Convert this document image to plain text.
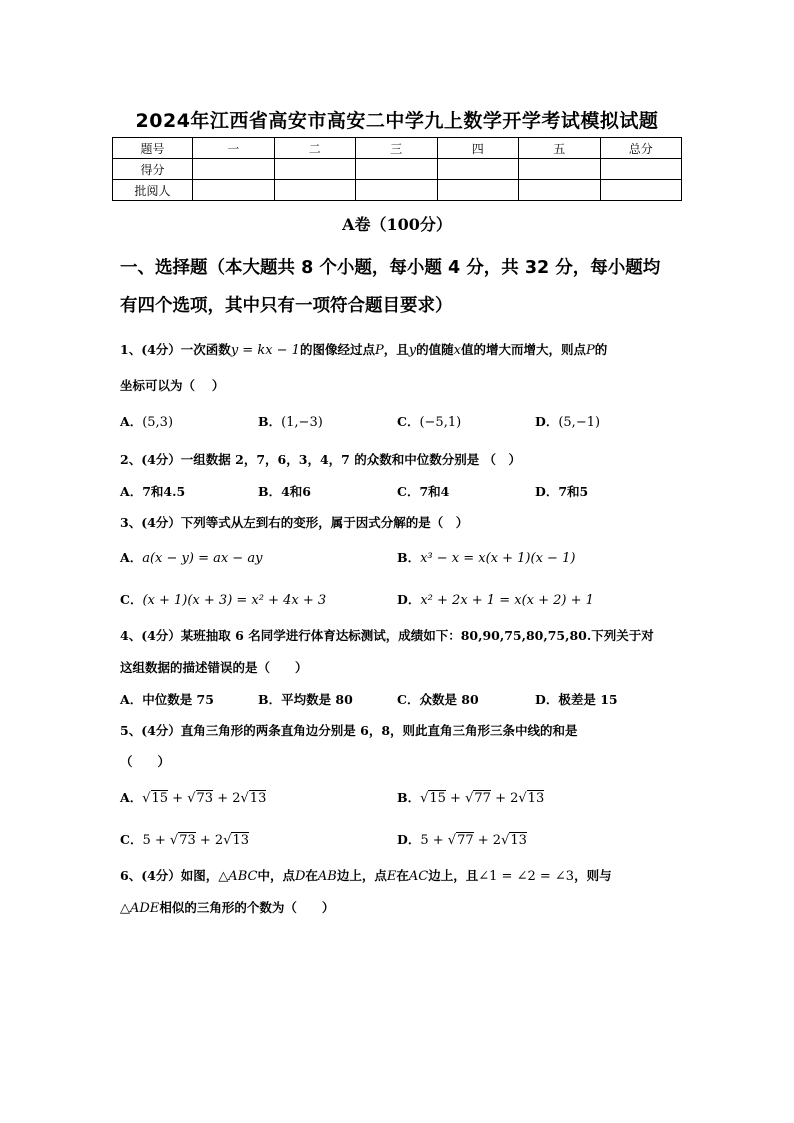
2024年江西省高安市高安二中学九上数学开学考试模拟试题
题号	一	二	三	四	五	总分
得分						
批阅人						
A卷（100分）
一、选择题（本大题共 8 个小题，每小题 4 分，共 32 分，每小题均
有四个选项，其中只有一项符合题目要求）
1、(4分）一次函数y = kx − 1的图像经过点P，且y的值随x值的增大而增大，则点P的
坐标可以为（　 ）
A．(5,3)	B．(1,−3)	C．(−5,1)	D．(5,−1)
2、(4分）一组数据 2，7，6，3，4，7 的众数和中位数分别是 （　）
A．7和4.5	B．4和6	C．7和4	D．7和5
3、(4分）下列等式从左到右的变形，属于因式分解的是（　）
A．a(x − y) = ax − ay	B．x³ − x = x(x + 1)(x − 1)
C．(x + 1)(x + 3) = x² + 4x + 3	D．x² + 2x + 1 = x(x + 2) + 1
4、(4分）某班抽取 6 名同学进行体育达标测试，成绩如下：80,90,75,80,75,80.下列关于对
这组数据的描述错误的是（　　）
A．中位数是 75	B．平均数是 80	C．众数是 80	D．极差是 15
5、(4分）直角三角形的两条直角边分别是 6，8，则此直角三角形三条中线的和是
（　　）
A．√15 + √73 + 2√13	B．√15 + √77 + 2√13
C．5 + √73 + 2√13	D．5 + √77 + 2√13
6、(4分）如图，△ABC中，点D在AB边上，点E在AC边上，且∠1 = ∠2 = ∠3，则与
△ADE相似的三角形的个数为（　　）
